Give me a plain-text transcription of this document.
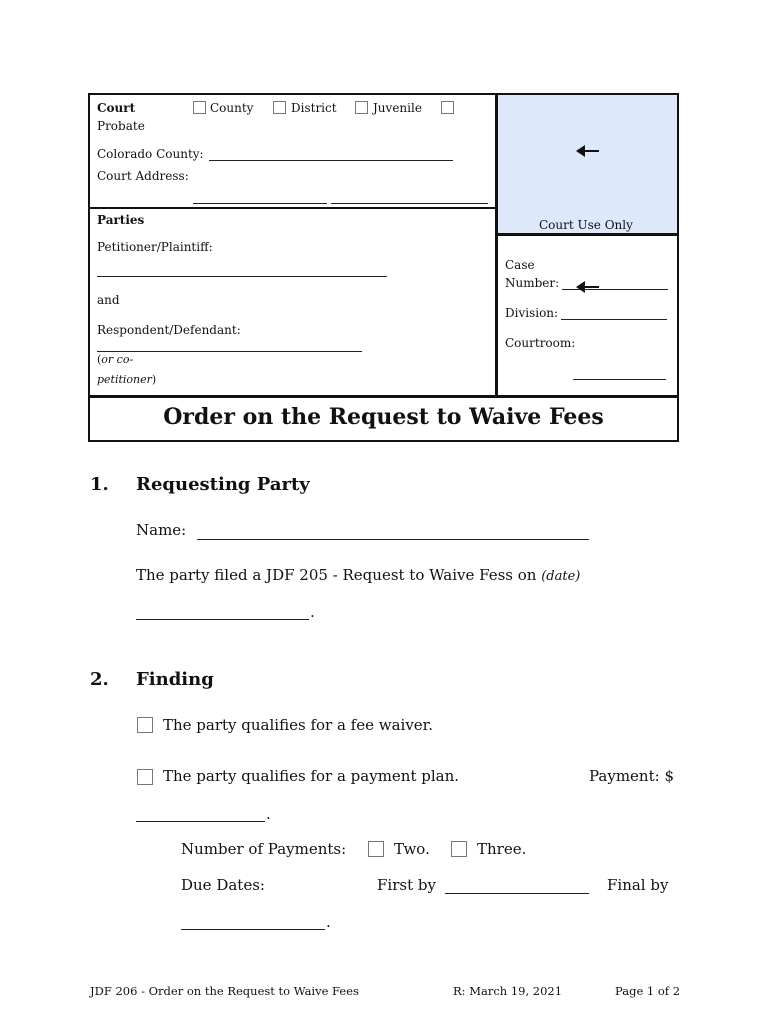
Court Use Only
Court	County	District	Juvenile
Probate
Colorado County:
Court Address:
Parties
Petitioner/Plaintiff:
and
Respondent/Defendant:
(or co-petitioner)
Case
Number:
Division:
Courtroom:
Order on the Request to Waive Fees
1. Requesting Party
Name:
The party filed a JDF 205 - Request to Waive Fess on (date)
.
2. Finding
The party qualifies for a fee waiver.
The party qualifies for a payment plan.	Payment: $
.
Number of Payments:	Two.	Three.
Due Dates:	First by	Final by
.
JDF 206 - Order on the Request to Waive Fees	R: March 19, 2021	Page 1 of 2
